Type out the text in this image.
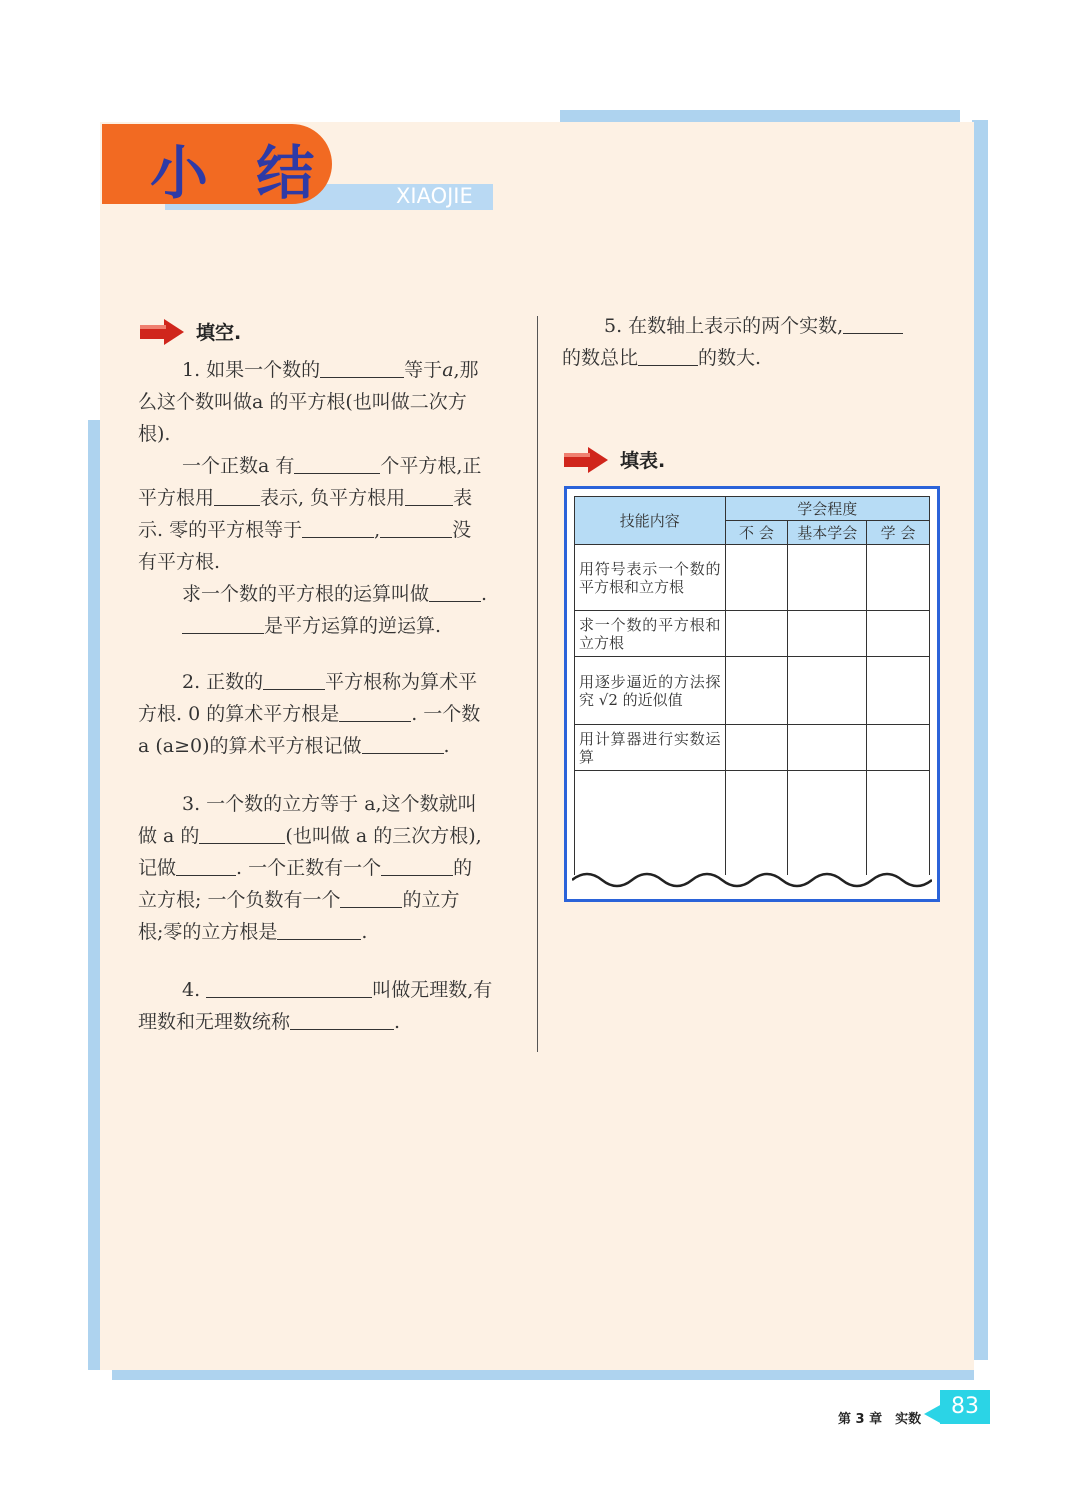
小 结	XIAOJIE
填空.
1. 如果一个数的	等于a,那
么这个数叫做a 的平方根(也叫做二次方
根).
一个正数a 有	个平方根,正
平方根用 表示, 负平方根用	表
示. 零的平方根等于	,	没
有平方根.
求一个数的平方根的运算叫做	.
是平方运算的逆运算.
2. 正数的	平方根称为算术平
方根. 0 的算术平方根是	. 一个数
a (a≥0)的算术平方根记做	.
3. 一个数的立方等于 a,这个数就叫
做 a 的	(也叫做 a 的三次方根),
记做	. 一个正数有一个	的
立方根; 一个负数有一个	的立方
根;零的立方根是	.
4.	叫做无理数,有
理数和无理数统称	.
5. 在数轴上表示的两个实数,
的数总比	的数大.
填表.
技能内容	学会程度		
	不 会	基本学会	学 会
用符号表示一个数的平方根和立方根			
求一个数的平方根和立方根			
用逐步逼近的方法探究 √2 的近似值			
用计算器进行实数运算			

第 3 章　实数
83
